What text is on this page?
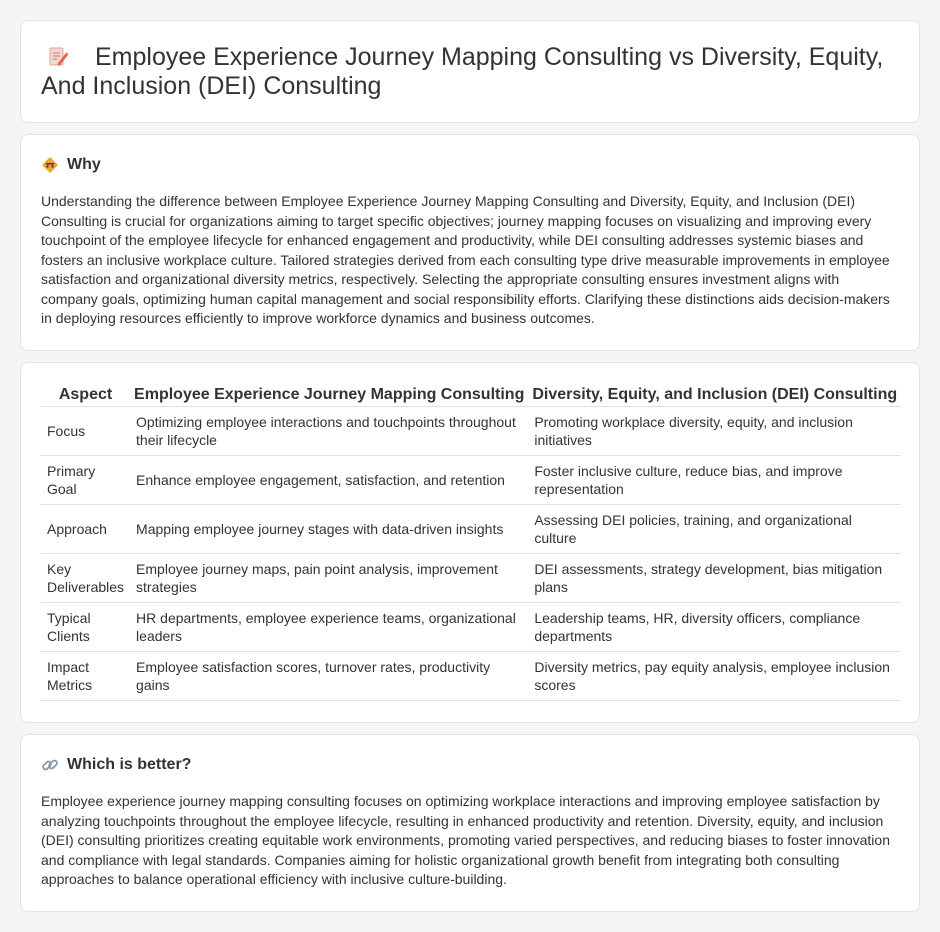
Employee Experience Journey Mapping Consulting vs Diversity, Equity, And Inclusion (DEI) Consulting
Why

Understanding the difference between Employee Experience Journey Mapping Consulting and Diversity, Equity, and Inclusion (DEI) Consulting is crucial for organizations aiming to target specific objectives; journey mapping focuses on visualizing and improving every touchpoint of the employee lifecycle for enhanced engagement and productivity, while DEI consulting addresses systemic biases and fosters an inclusive workplace culture. Tailored strategies derived from each consulting type drive measurable improvements in employee satisfaction and organizational diversity metrics, respectively. Selecting the appropriate consulting ensures investment aligns with company goals, optimizing human capital management and social responsibility efforts. Clarifying these distinctions aids decision-makers in deploying resources efficiently to improve workforce dynamics and business outcomes.

Aspect	Employee Experience Journey Mapping Consulting	Diversity, Equity, and Inclusion (DEI) Consulting
Focus	Optimizing employee interactions and touchpoints throughout their lifecycle	Promoting workplace diversity, equity, and inclusion initiatives
Primary Goal	Enhance employee engagement, satisfaction, and retention	Foster inclusive culture, reduce bias, and improve representation
Approach	Mapping employee journey stages with data-driven insights	Assessing DEI policies, training, and organizational culture
Key Deliverables	Employee journey maps, pain point analysis, improvement strategies	DEI assessments, strategy development, bias mitigation plans
Typical Clients	HR departments, employee experience teams, organizational leaders	Leadership teams, HR, diversity officers, compliance departments
Impact Metrics	Employee satisfaction scores, turnover rates, productivity gains	Diversity metrics, pay equity analysis, employee inclusion scores
Which is better?

Employee experience journey mapping consulting focuses on optimizing workplace interactions and improving employee satisfaction by analyzing touchpoints throughout the employee lifecycle, resulting in enhanced productivity and retention. Diversity, equity, and inclusion (DEI) consulting prioritizes creating equitable work environments, promoting varied perspectives, and reducing biases to foster innovation and compliance with legal standards. Companies aiming for holistic organizational growth benefit from integrating both consulting approaches to balance operational efficiency with inclusive culture-building.
